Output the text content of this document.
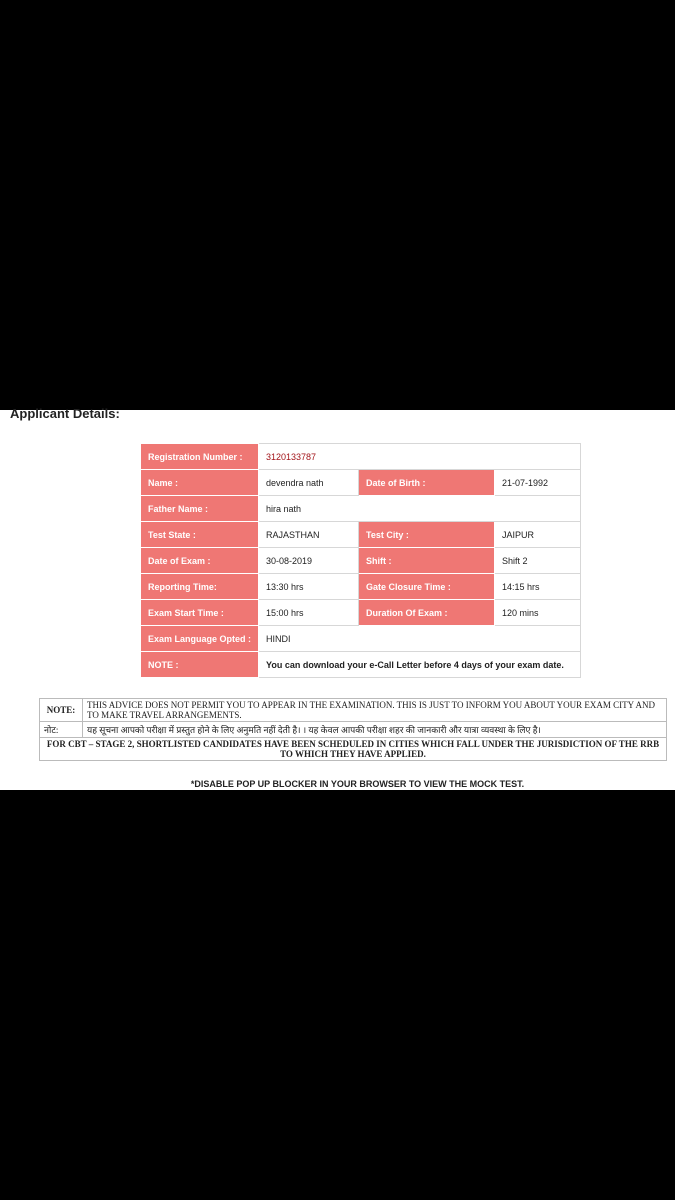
Applicant Details:
Registration Number :	3120133787		
Name :	devendra nath	Date of Birth :	21-07-1992
Father Name :	hira nath		
Test State :	RAJASTHAN	Test City :	JAIPUR
Date of Exam :	30-08-2019	Shift :	Shift 2
Reporting Time:	13:30 hrs	Gate Closure Time :	14:15 hrs
Exam Start Time :	15:00 hrs	Duration Of Exam :	120 mins
Exam Language Opted :	HINDI		
NOTE :	You can download your e-Call Letter before 4 days of your exam date.		
NOTE:	THIS ADVICE DOES NOT PERMIT YOU TO APPEAR IN THE EXAMINATION. THIS IS JUST TO INFORM YOU ABOUT YOUR EXAM CITY AND TO MAKE TRAVEL ARRANGEMENTS.
नोट:	यह सूचना आपको परीक्षा में प्रस्तुत होने के लिए अनुमति नहीं देती है। । यह केवल आपकी परीक्षा शहर की जानकारी और यात्रा व्यवस्था के लिए है।
FOR CBT – STAGE 2, SHORTLISTED CANDIDATES HAVE BEEN SCHEDULED IN CITIES WHICH FALL UNDER THE JURISDICTION OF THE RRB TO WHICH THEY HAVE APPLIED.	
*DISABLE POP UP BLOCKER IN YOUR BROWSER TO VIEW THE MOCK TEST.
